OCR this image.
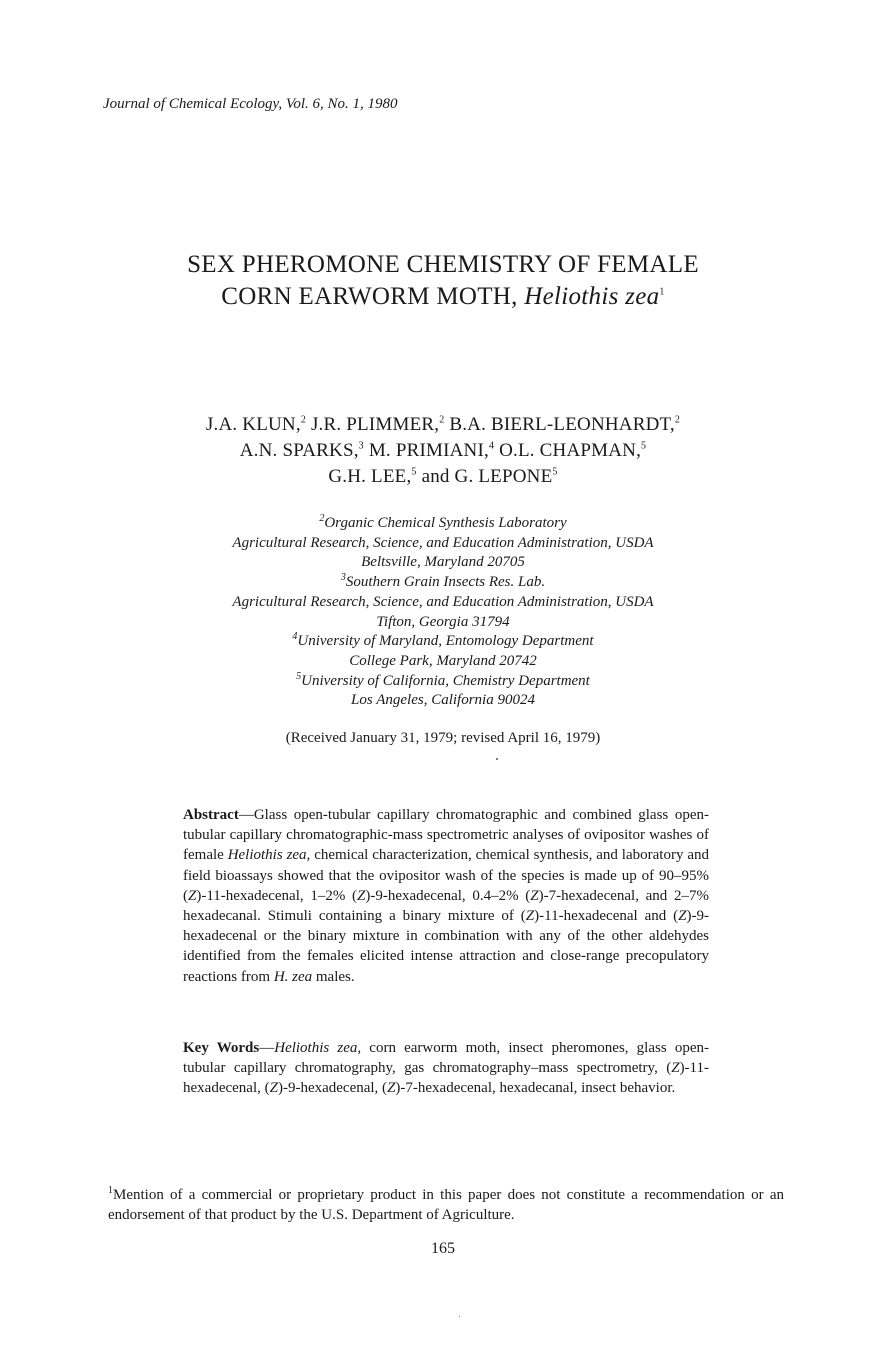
Journal of Chemical Ecology, Vol. 6, No. 1, 1980
SEX PHEROMONE CHEMISTRY OF FEMALE
CORN EARWORM MOTH, Heliothis zea$^1$
J.A. KLUN,$^2$ J.R. PLIMMER,$^2$ B.A. BIERL-LEONHARDT,$^2$
A.N. SPARKS,$^3$ M. PRIMIANI,$^4$ O.L. CHAPMAN,$^5$
G.H. LEE,$^5$ and G. LEPONE$^5$
$^2$Organic Chemical Synthesis Laboratory
Agricultural Research, Science, and Education Administration, USDA
Beltsville, Maryland 20705
$^3$Southern Grain Insects Res. Lab.
Agricultural Research, Science, and Education Administration, USDA
Tifton, Georgia 31794
$^4$University of Maryland, Entomology Department
College Park, Maryland 20742
$^5$University of California, Chemistry Department
Los Angeles, California 90024
(Received January 31, 1979; revised April 16, 1979)
Abstract—Glass open-tubular capillary chromatographic and combined glass open-tubular capillary chromatographic-mass spectrometric analyses of ovipositor washes of female Heliothis zea, chemical characterization, chemical synthesis, and laboratory and field bioassays showed that the ovipositor wash of the species is made up of 90–95% (Z)-11-hexadecenal, 1–2% (Z)-9-hexadecenal, 0.4–2% (Z)-7-hexadecenal, and 2–7% hexadecanal. Stimuli containing a binary mixture of (Z)-11-hexadecenal and (Z)-9-hexadecenal or the binary mixture in combination with any of the other aldehydes identified from the females elicited intense attraction and close-range precopulatory reactions from H. zea males.
Key Words—Heliothis zea, corn earworm moth, insect pheromones, glass open-tubular capillary chromatography, gas chromatography–mass spectrometry, (Z)-11-hexadecenal, (Z)-9-hexadecenal, (Z)-7-hexadecenal, hexadecanal, insect behavior.
$^1$Mention of a commercial or proprietary product in this paper does not constitute a recommendation or an endorsement of that product by the U.S. Department of Agriculture.
165
